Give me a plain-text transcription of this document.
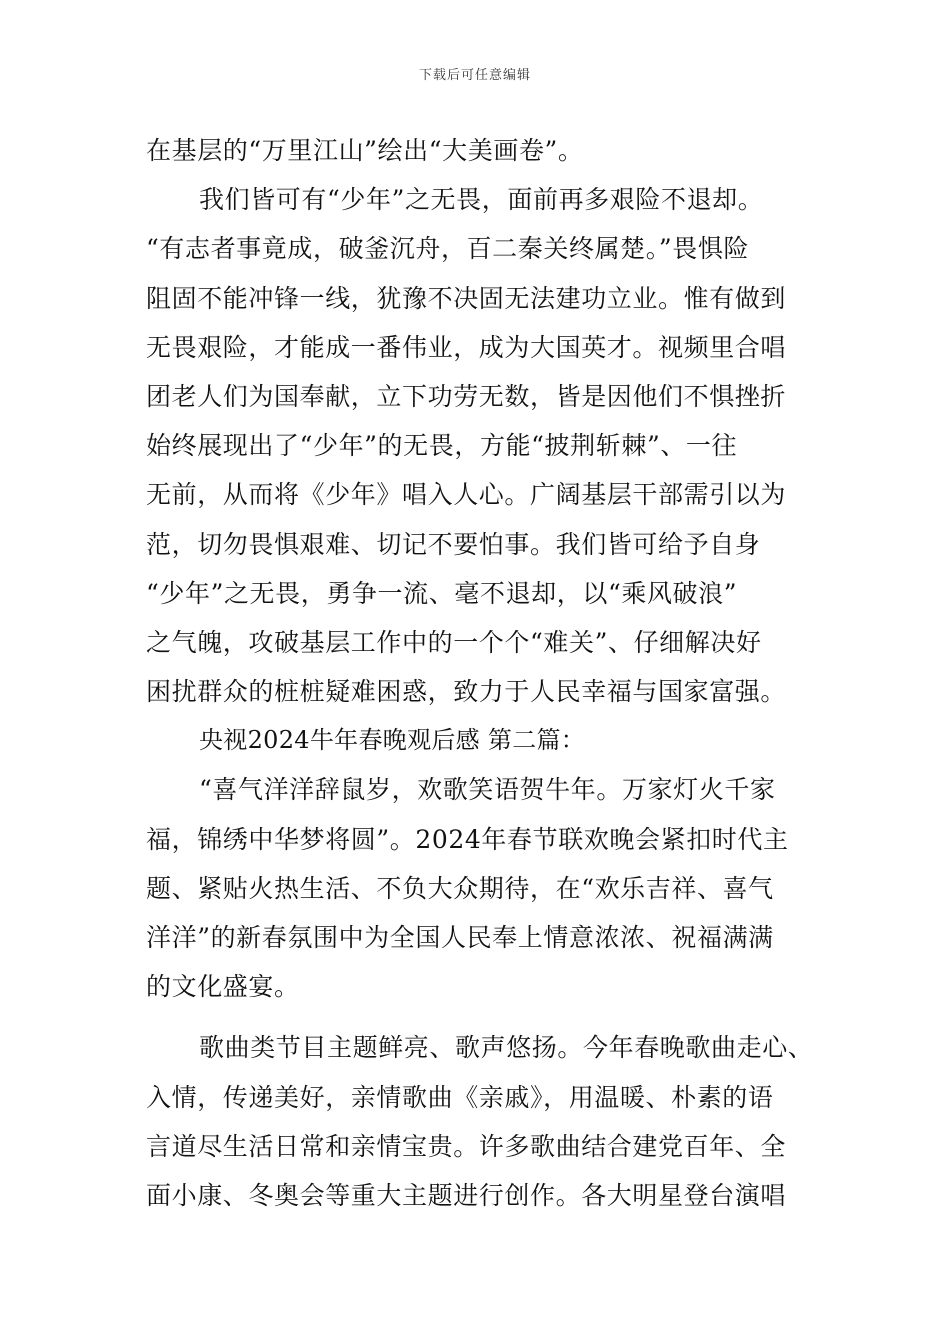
下载后可任意编辑
在基层的“万里江山”绘出“大美画卷”。
我们皆可有“少年”之无畏，面前再多艰险不退却。
“有志者事竟成，破釜沉舟，百二秦关终属楚。”畏惧险
阻固不能冲锋一线，犹豫不决固无法建功立业。惟有做到
无畏艰险，才能成一番伟业，成为大国英才。视频里合唱
团老人们为国奉献，立下功劳无数，皆是因他们不惧挫折
始终展现出了“少年”的无畏，方能“披荆斩棘”、一往
无前，从而将《少年》唱入人心。广阔基层干部需引以为
范，切勿畏惧艰难、切记不要怕事。我们皆可给予自身
“少年”之无畏，勇争一流、毫不退却，以“乘风破浪”
之气魄，攻破基层工作中的一个个“难关”、仔细解决好
困扰群众的桩桩疑难困惑，致力于人民幸福与国家富强。
央视2024牛年春晚观后感 第二篇：
“喜气洋洋辞鼠岁，欢歌笑语贺牛年。万家灯火千家
福，锦绣中华梦将圆”。2024年春节联欢晚会紧扣时代主
题、紧贴火热生活、不负大众期待，在“欢乐吉祥、喜气
洋洋”的新春氛围中为全国人民奉上情意浓浓、祝福满满
的文化盛宴。
歌曲类节目主题鲜亮、歌声悠扬。今年春晚歌曲走心、
入情，传递美好，亲情歌曲《亲戚》，用温暖、朴素的语
言道尽生活日常和亲情宝贵。许多歌曲结合建党百年、全
面小康、冬奥会等重大主题进行创作。各大明星登台演唱
